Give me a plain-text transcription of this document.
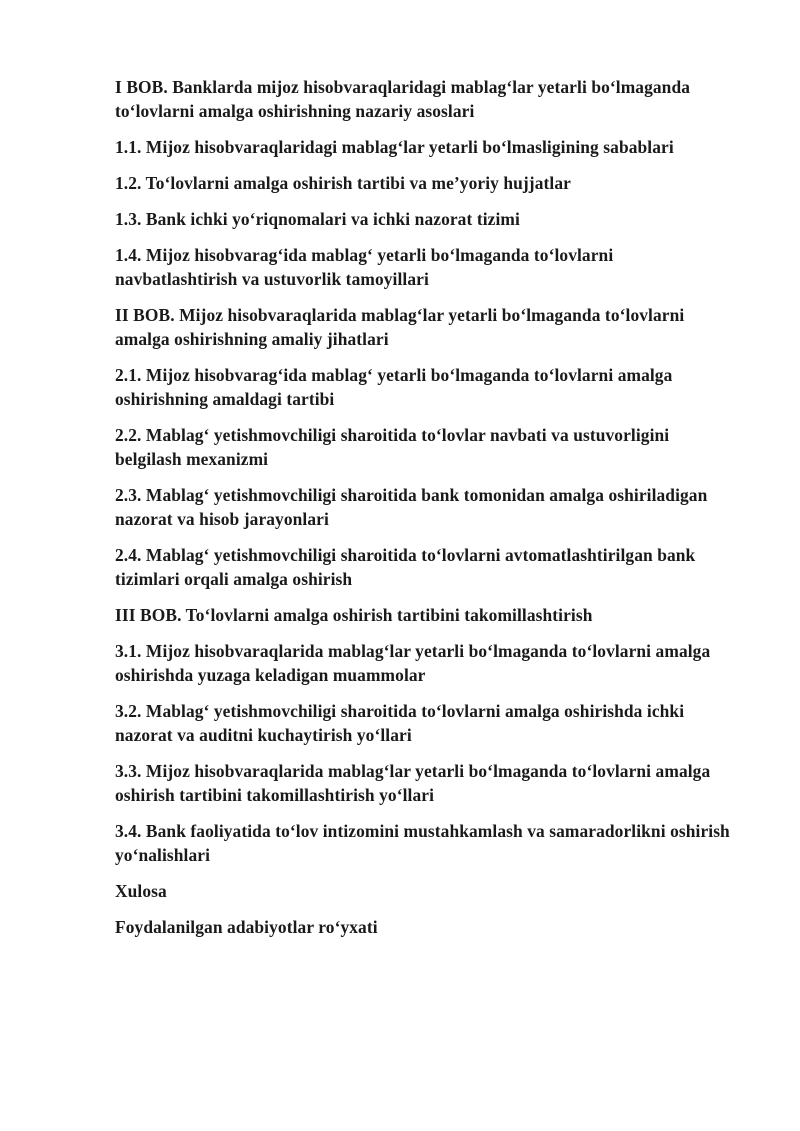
I BOB. Banklarda mijoz hisobvaraqlaridagi mablag‘lar yetarli bo‘lmaganda to‘lovlarni amalga oshirishning nazariy asoslari
1.1. Mijoz hisobvaraqlaridagi mablag‘lar yetarli bo‘lmasligining sabablari
1.2. To‘lovlarni amalga oshirish tartibi va me’yoriy hujjatlar
1.3. Bank ichki yo‘riqnomalari va ichki nazorat tizimi
1.4. Mijoz hisobvarag‘ida mablag‘ yetarli bo‘lmaganda to‘lovlarni navbatlashtirish va ustuvorlik tamoyillari
II BOB. Mijoz hisobvaraqlarida mablag‘lar yetarli bo‘lmaganda to‘lovlarni amalga oshirishning amaliy jihatlari
2.1. Mijoz hisobvarag‘ida mablag‘ yetarli bo‘lmaganda to‘lovlarni amalga oshirishning amaldagi tartibi
2.2. Mablag‘ yetishmovchiligi sharoitida to‘lovlar navbati va ustuvorligini belgilash mexanizmi
2.3. Mablag‘ yetishmovchiligi sharoitida bank tomonidan amalga oshiriladigan nazorat va hisob jarayonlari
2.4. Mablag‘ yetishmovchiligi sharoitida to‘lovlarni avtomatlashtirilgan bank tizimlari orqali amalga oshirish
III BOB. To‘lovlarni amalga oshirish tartibini takomillashtirish
3.1. Mijoz hisobvaraqlarida mablag‘lar yetarli bo‘lmaganda to‘lovlarni amalga oshirishda yuzaga keladigan muammolar
3.2. Mablag‘ yetishmovchiligi sharoitida to‘lovlarni amalga oshirishda ichki nazorat va auditni kuchaytirish yo‘llari
3.3. Mijoz hisobvaraqlarida mablag‘lar yetarli bo‘lmaganda to‘lovlarni amalga oshirish tartibini takomillashtirish yo‘llari
3.4. Bank faoliyatida to‘lov intizomini mustahkamlash va samaradorlikni oshirish yo‘nalishlari
Xulosa
Foydalanilgan adabiyotlar ro‘yxati
